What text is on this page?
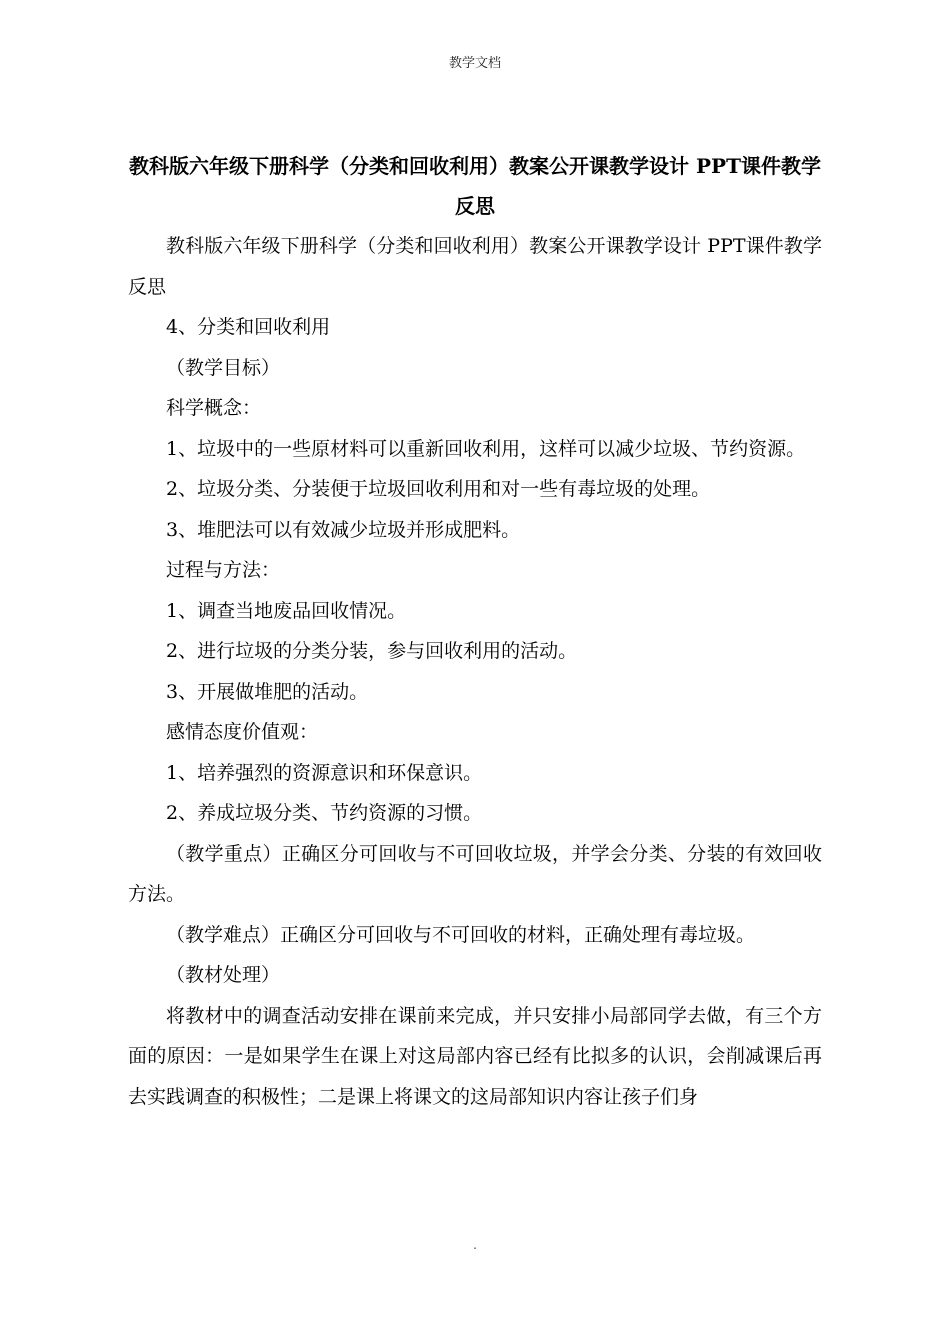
教学文档
教科版六年级下册科学（分类和回收利用）教案公开课教学设计 PPT课件教学反思

教科版六年级下册科学（分类和回收利用）教案公开课教学设计 PPT课件教学反思

4、分类和回收利用

（教学目标）

科学概念：

1、垃圾中的一些原材料可以重新回收利用，这样可以减少垃圾、节约资源。

2、垃圾分类、分装便于垃圾回收利用和对一些有毒垃圾的处理。

3、堆肥法可以有效减少垃圾并形成肥料。

过程与方法：

1、调查当地废品回收情况。

2、进行垃圾的分类分装，参与回收利用的活动。

3、开展做堆肥的活动。

感情态度价值观：

1、培养强烈的资源意识和环保意识。

2、养成垃圾分类、节约资源的习惯。

（教学重点）正确区分可回收与不可回收垃圾，并学会分类、分装的有效回收方法。

（教学难点）正确区分可回收与不可回收的材料，正确处理有毒垃圾。

（教材处理）

将教材中的调查活动安排在课前来完成，并只安排小局部同学去做，有三个方面的原因：一是如果学生在课上对这局部内容已经有比拟多的认识，会削减课后再去实践调查的积极性；二是课上将课文的这局部知识内容让孩子们身

.
